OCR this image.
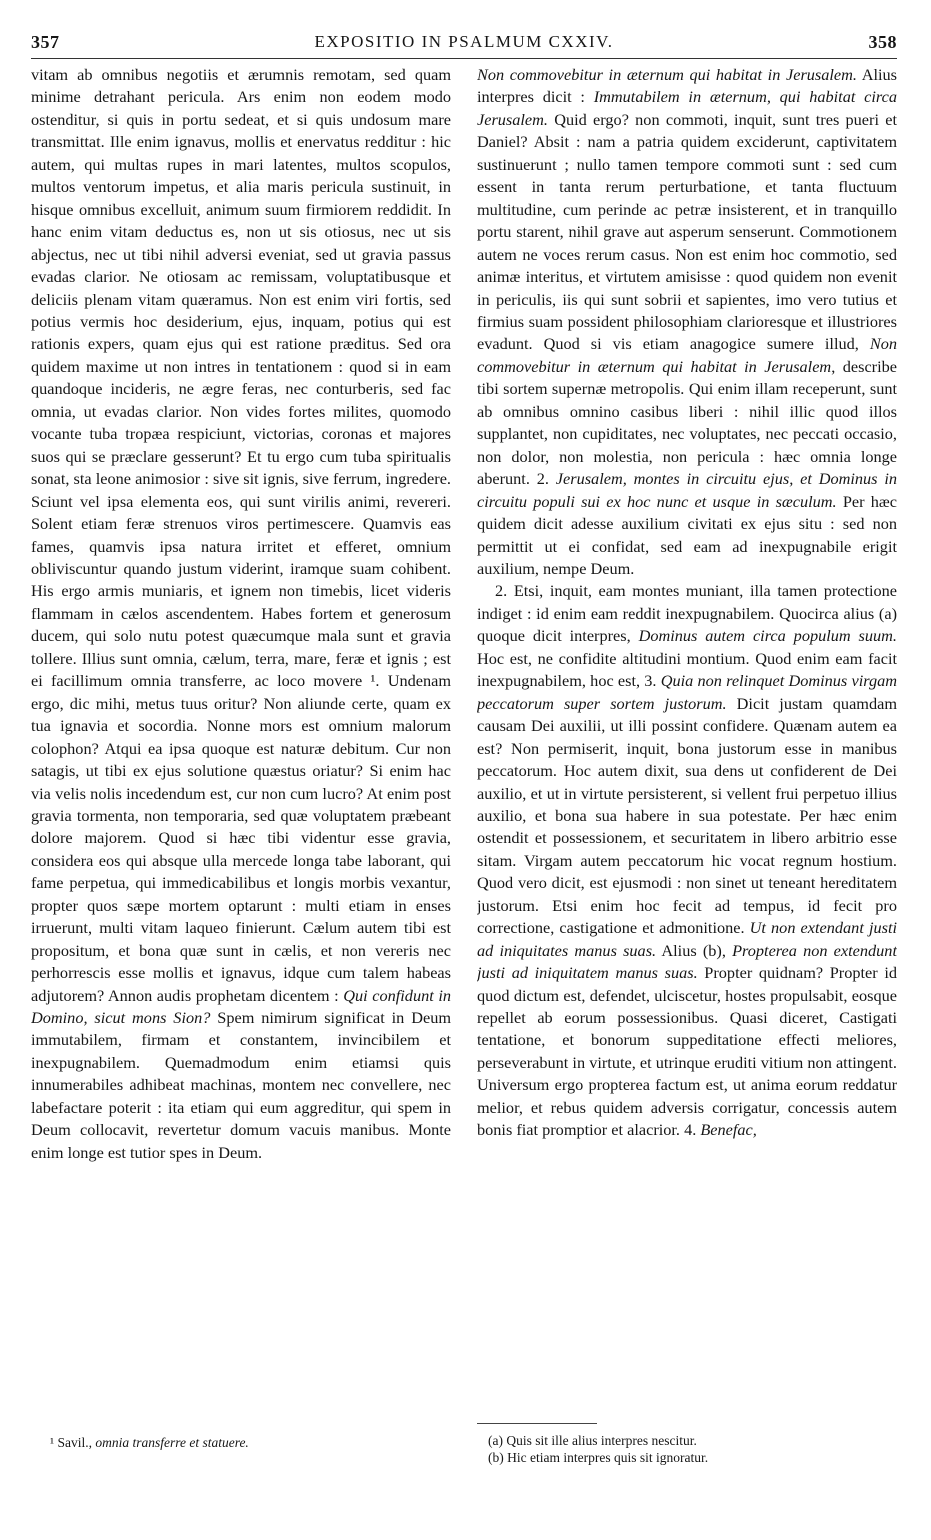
357	EXPOSITIO IN PSALMUM CXXIV.	358

vitam ab omnibus negotiis et ærumnis remotam, sed quam minime detrahant pericula. Ars enim non eodem modo ostenditur, si quis in portu sedeat, et si quis undosum mare transmittat. Ille enim ignavus, mollis et enervatus redditur : hic autem, qui multas rupes in mari latentes, multos scopulos, multos ventorum impetus, et alia maris pericula sustinuit, in hisque omnibus excelluit, animum suum firmiorem reddidit. In hanc enim vitam deductus es, non ut sis otiosus, nec ut sis abjectus, nec ut tibi nihil adversi eveniat, sed ut gravia passus evadas clarior. Ne otiosam ac remissam, voluptatibusque et deliciis plenam vitam quæramus. Non est enim viri fortis, sed potius vermis hoc desiderium, ejus, inquam, potius qui est rationis expers, quam ejus qui est ratione præditus. Sed ora quidem maxime ut non intres in tentationem : quod si in eam quandoque incideris, ne ægre feras, nec conturberis, sed fac omnia, ut evadas clarior. Non vides fortes milites, quomodo vocante tuba tropæa respiciunt, victorias, coronas et majores suos qui se præclare gesserunt? Et tu ergo cum tuba spiritualis sonat, sta leone animosior : sive sit ignis, sive ferrum, ingredere. Sciunt vel ipsa elementa eos, qui sunt virilis animi, revereri. Solent etiam feræ strenuos viros pertimescere. Quamvis eas fames, quamvis ipsa natura irritet et efferet, omnium obliviscuntur quando justum viderint, iramque suam cohibent. His ergo armis muniaris, et ignem non timebis, licet videris flammam in cælos ascendentem. Habes fortem et generosum ducem, qui solo nutu potest quæcumque mala sunt et gravia tollere. Illius sunt omnia, cælum, terra, mare, feræ et ignis ; est ei facillimum omnia transferre, ac loco movere ¹. Undenam ergo, dic mihi, metus tuus oritur? Non aliunde certe, quam ex tua ignavia et socordia. Nonne mors est omnium malorum colophon? Atqui ea ipsa quoque est naturæ debitum. Cur non satagis, ut tibi ex ejus solutione quæstus oriatur? Si enim hac via velis nolis incedendum est, cur non cum lucro? At enim post gravia tormenta, non temporaria, sed quæ voluptatem præbeant dolore majorem. Quod si hæc tibi videntur esse gravia, considera eos qui absque ulla mercede longa tabe laborant, qui fame perpetua, qui immedicabilibus et longis morbis vexantur, propter quos sæpe mortem optarunt : multi etiam in enses irruerunt, multi vitam laqueo finierunt. Cælum autem tibi est propositum, et bona quæ sunt in cælis, et non vereris nec perhorrescis esse mollis et ignavus, idque cum talem habeas adjutorem? Annon audis prophetam dicentem : Qui confidunt in Domino, sicut mons Sion? Spem nimirum significat in Deum immutabilem, firmam et constantem, invincibilem et inexpugnabilem. Quemadmodum enim etiamsi quis innumerabiles adhibeat machinas, montem nec convellere, nec labefactare poterit : ita etiam qui eum aggreditur, qui spem in Deum collocavit, revertetur domum vacuis manibus. Monte enim longe est tutior spes in Deum.

Non commovebitur in æternum qui habitat in Jerusalem. Alius interpres dicit : Immutabilem in æternum, qui habitat circa Jerusalem. Quid ergo? non commoti, inquit, sunt tres pueri et Daniel? Absit : nam a patria quidem exciderunt, captivitatem sustinuerunt ; nullo tamen tempore commoti sunt : sed cum essent in tanta rerum perturbatione, et tanta fluctuum multitudine, cum perinde ac petræ insisterent, et in tranquillo portu starent, nihil grave aut asperum senserunt. Commotionem autem ne voces rerum casus. Non est enim hoc commotio, sed animæ interitus, et virtutem amisisse : quod quidem non evenit in periculis, iis qui sunt sobrii et sapientes, imo vero tutius et firmius suam possident philosophiam clarioresque et illustriores evadunt. Quod si vis etiam anagogice sumere illud, Non commovebitur in æternum qui habitat in Jerusalem, describe tibi sortem supernæ metropolis. Qui enim illam receperunt, sunt ab omnibus omnino casibus liberi : nihil illic quod illos supplantet, non cupiditates, nec voluptates, nec peccati occasio, non dolor, non molestia, non pericula : hæc omnia longe aberunt. 2. Jerusalem, montes in circuitu ejus, et Dominus in circuitu populi sui ex hoc nunc et usque in sæculum. Per hæc quidem dicit adesse auxilium civitati ex ejus situ : sed non permittit ut ei confidat, sed eam ad inexpugnabile erigit auxilium, nempe Deum.

2. Etsi, inquit, eam montes muniant, illa tamen protectione indiget : id enim eam reddit inexpugnabilem. Quocirca alius (a) quoque dicit interpres, Dominus autem circa populum suum. Hoc est, ne confidite altitudini montium. Quod enim eam facit inexpugnabilem, hoc est, 3. Quia non relinquet Dominus virgam peccatorum super sortem justorum. Dicit justam quamdam causam Dei auxilii, ut illi possint confidere. Quænam autem ea est? Non permiserit, inquit, bona justorum esse in manibus peccatorum. Hoc autem dixit, sua dens ut confiderent de Dei auxilio, et ut in virtute persisterent, si vellent frui perpetuo illius auxilio, et bona sua habere in sua potestate. Per hæc enim ostendit et possessionem, et securitatem in libero arbitrio esse sitam. Virgam autem peccatorum hic vocat regnum hostium. Quod vero dicit, est ejusmodi : non sinet ut teneant hereditatem justorum. Etsi enim hoc fecit ad tempus, id fecit pro correctione, castigatione et admonitione. Ut non extendant justi ad iniquitates manus suas. Alius (b), Propterea non extendunt justi ad iniquitatem manus suas. Propter quidnam? Propter id quod dictum est, defendet, ulciscetur, hostes propulsabit, eosque repellet ab eorum possessionibus. Quasi diceret, Castigati tentatione, et bonorum suppeditatione effecti meliores, perseverabunt in virtute, et utrinque eruditi vitium non attingent. Universum ergo propterea factum est, ut anima eorum reddatur melior, et rebus quidem adversis corrigatur, concessis autem bonis fiat promptior et alacrior. 4. Benefac,

¹ Savil., omnia transferre et statuere.	(a) Quis sit ille alius interpres nescitur.
(b) Hic etiam interpres quis sit ignoratur.
